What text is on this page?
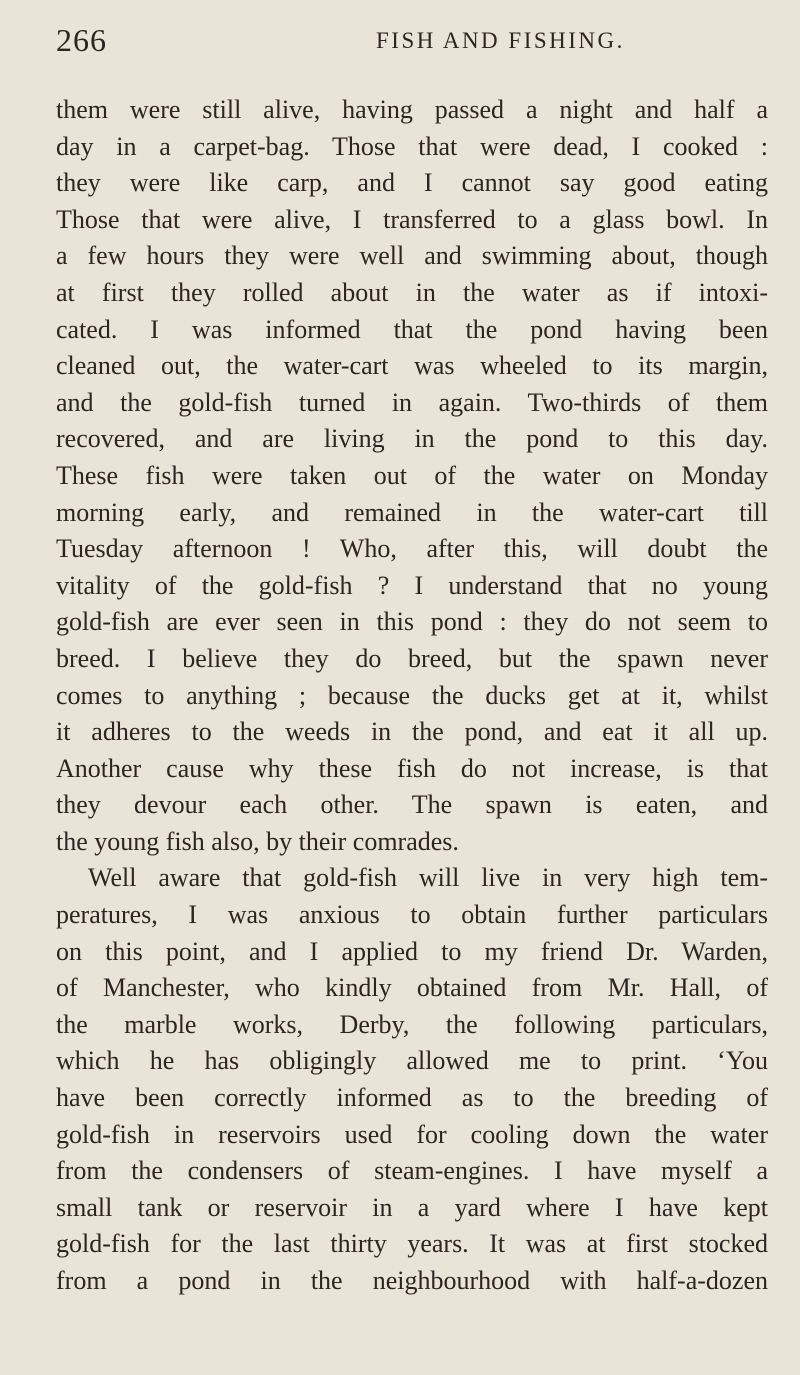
266	FISH AND FISHING.
them were still alive, having passed a night and half a
day in a carpet-bag. Those that were dead, I cooked :
they were like carp, and I cannot say good eating
Those that were alive, I transferred to a glass bowl. In
a few hours they were well and swimming about, though
at first they rolled about in the water as if intoxi-
cated. I was informed that the pond having been
cleaned out, the water-cart was wheeled to its margin,
and the gold-fish turned in again. Two-thirds of them
recovered, and are living in the pond to this day.
These fish were taken out of the water on Monday
morning early, and remained in the water-cart till
Tuesday afternoon ! Who, after this, will doubt the
vitality of the gold-fish ? I understand that no young
gold-fish are ever seen in this pond : they do not seem to
breed. I believe they do breed, but the spawn never
comes to anything ; because the ducks get at it, whilst
it adheres to the weeds in the pond, and eat it all up.
Another cause why these fish do not increase, is that
they devour each other. The spawn is eaten, and
the young fish also, by their comrades.
Well aware that gold-fish will live in very high tem-
peratures, I was anxious to obtain further particulars
on this point, and I applied to my friend Dr. Warden,
of Manchester, who kindly obtained from Mr. Hall, of
the marble works, Derby, the following particulars,
which he has obligingly allowed me to print. ‘You
have been correctly informed as to the breeding of
gold-fish in reservoirs used for cooling down the water
from the condensers of steam-engines. I have myself a
small tank or reservoir in a yard where I have kept
gold-fish for the last thirty years. It was at first stocked
from a pond in the neighbourhood with half-a-dozen
